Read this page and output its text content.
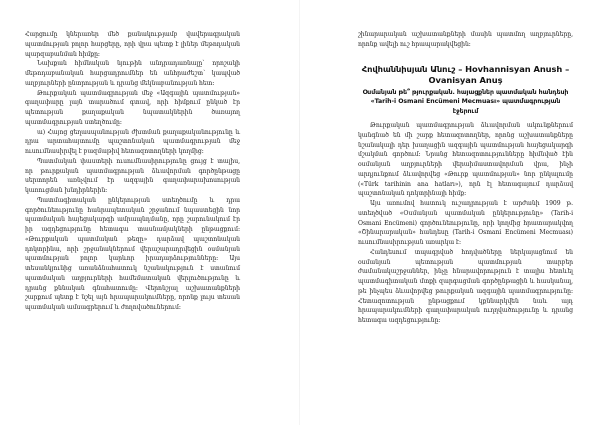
Հարցումը կներառեր մեծ քանակությամբ վավերագրական պատմության բոլոր հարցերը, որի վրա պետք է լիներ մեթոդական պարզաբանման հիմքը։

Նախքան հիմնական նյութին անդրադառնալը՝ որոշակի մեթոդաբանական հարցադրումներ են անհրաժեշտ՝ կապված աղբյուրների ընտրության և դրանց մեկնաբանության հետ։

Թուրքական պատմագրության մեջ «Ազգային պատմության» գաղափարը լայն տարածում գտավ, որի հիմքում ընկած էր պետության քաղաքական նպատակներին ծառայող պատմագրության ստեղծումը։

ա) Հայոց ցեղասպանության ժխտման քաղաքականությունը և դրա արտահայտումը պաշտոնական պատմագրության մեջ ուսումնասիրվել է բազմաթիվ հետազոտողների կողմից։

Պատմական փաստերի ուսումնասիրությունը ցույց է տալիս, որ թուրքական պատմագրության ձևավորման գործընթացը սերտորեն առնչվում էր ազգային գաղափարախոսության կառուցման խնդիրներին։

Պատմագիտական ընկերության ստեղծումը և դրա գործունեությունը հանրապետական շրջանում նպաստեցին նոր պատմական հայեցակարգի ամրապնդմանը, որը շարունակում էր իր ազդեցությունը հետագա տասնամյակների ընթացքում։ «Թուրքական պատմական թեզը» դարձավ պաշտոնական դոկտրինա, որի շրջանակներում վերաշարադրվեցին օսմանյան պատմության բոլոր կարևոր իրադարձությունները։ Այս տեսանկյունից առանձնահատուկ նշանակություն է ստանում պատմական աղբյուրների համեմատական վերլուծությունը և դրանց քննական գնահատումը։ Վերոնշյալ աշխատանքների շարքում պետք է նշել այն հրապարակումները, որոնք լույս տեսան պատմական ամսագրերում և ժողովածուներում։

շինարարական աշխատանքների մասին պատմող աղբյուրները, որոնք ավելի ուշ հրապարակվեցին։

Հովհաննիսյան Անուշ – Hovhannisyan Anush – Ovanisyan Anuş
Օսմանյան թե՞ թյուրքական. հայացքներ պատմական հանդեսի «Tarih-i Osmani Encümeni Mecmuası» պատմագրության էջերում

Թուրքական պատմագրության ձևավորման ակունքներում կանգնած են մի շարք հետազոտողներ, որոնց աշխատանքները նշանակալի դեր խաղացին ազգային պատմության հայեցակարգի մշակման գործում։ Նրանց հետազոտությունները հիմնված էին օսմանյան աղբյուրների վերաիմաստավորման վրա, ինչի արդյունքում ձևավորվեց «Թուրք պատմության» նոր ընկալումը («Türk tarihinin ana hatları»), որն էլ հետագայում դարձավ պաշտոնական դոկտրինայի հիմք։

Այս առումով հատուկ ուշադրության է արժանի 1909 թ. ստեղծված «Օսմանյան պատմական ընկերությունը» (Tarih-i Osmani Encümeni) գործունեությունը, որի կողմից հրատարակվող «Շինարարական» հանդեսը (Tarih-i Osmani Encümeni Mecmuası) ուսումնասիրության առարկա է։

Հանդեսում տպագրված հոդվածները ներկայացնում են օսմանյան պետության պատմության տարբեր ժամանակաշրջաններ, ինչը հնարավորություն է տալիս հետևել պատմագիտական մտքի զարգացման գործընթացին և հասկանալ, թե ինչպես ձևավորվեց թուրքական ազգային պատմագրությունը։ Հետազոտության ընթացքում կքննարկվեն նաև այդ հրապարակումների գաղափարական ուղղվածությունը և դրանց հետագա ազդեցությունը։
